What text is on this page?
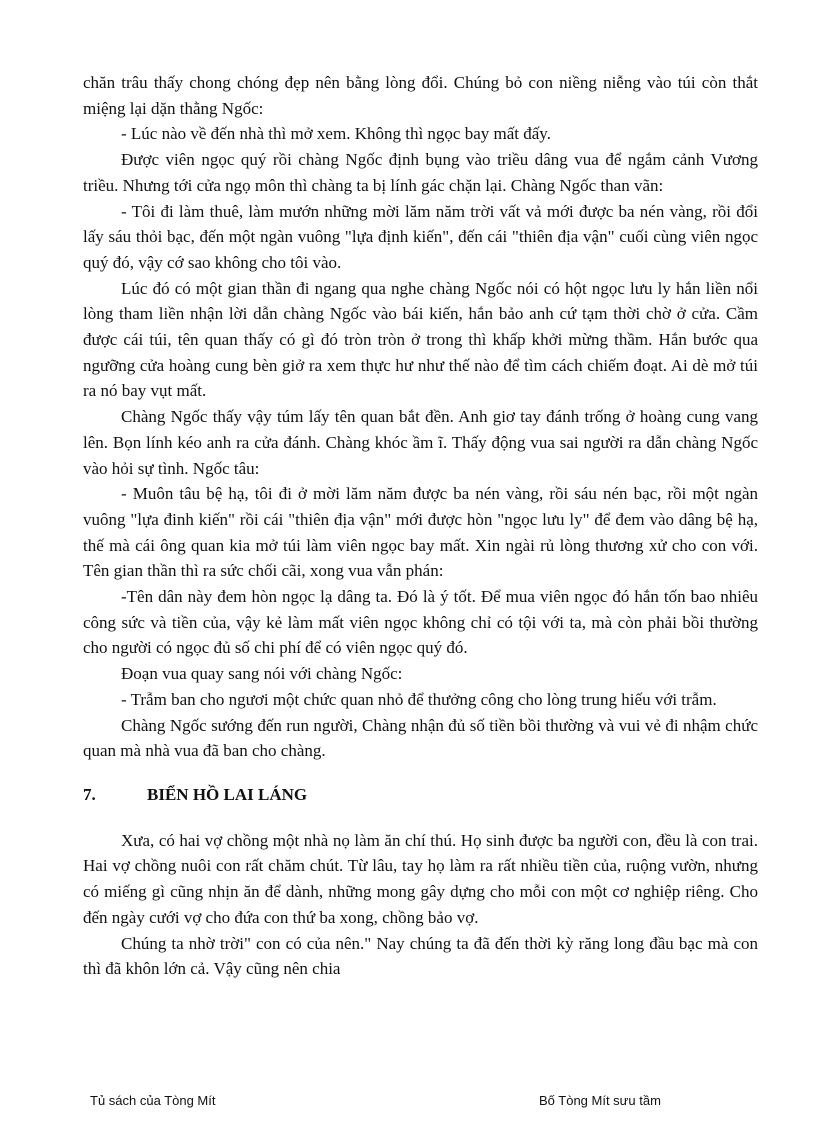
chăn trâu thấy chong chóng đẹp nên bằng lòng đổi. Chúng bỏ con niềng niễng vào túi còn thắt miệng lại dặn thằng Ngốc:

- Lúc nào về đến nhà thì mở xem. Không thì ngọc bay mất đấy.

Được viên ngọc quý rồi chàng Ngốc định bụng vào triều dâng vua để ngắm cảnh Vương triều. Nhưng tới cửa ngọ môn thì chàng ta bị lính gác chặn lại. Chàng Ngốc than vãn:

- Tôi đi làm thuê, làm mướn những mời lăm năm trời vất vả mới được ba nén vàng, rồi đổi lấy sáu thỏi bạc, đến một ngàn vuông "lựa định kiến", đến cái "thiên địa vận" cuối cùng viên ngọc quý đó, vậy cớ sao không cho tôi vào.

Lúc đó có một gian thần đi ngang qua nghe chàng Ngốc nói có hột ngọc lưu ly hắn liền nổi lòng tham liền nhận lời dẫn chàng Ngốc vào bái kiến, hắn bảo anh cứ tạm thời chờ ở cửa. Cầm được cái túi, tên quan thấy có gì đó tròn tròn ở trong thì khấp khởi mừng thầm. Hắn bước qua ngưỡng cửa hoàng cung bèn giở ra xem thực hư như thế nào để tìm cách chiếm đoạt. Ai dè mở túi ra nó bay vụt mất.

Chàng Ngốc thấy vậy túm lấy tên quan bắt đền. Anh giơ tay đánh trống ở hoàng cung vang lên. Bọn lính kéo anh ra cửa đánh. Chàng khóc ầm ĩ. Thấy động vua sai người ra dẫn chàng Ngốc vào hỏi sự tình. Ngốc tâu:

- Muôn tâu bệ hạ, tôi đi ở mời lăm năm được ba nén vàng, rồi sáu nén bạc, rồi một ngàn vuông "lựa đinh kiến" rồi cái "thiên địa vận" mới được hòn "ngọc lưu ly" để đem vào dâng bệ hạ, thế mà cái ông quan kia mở túi làm viên ngọc bay mất. Xin ngài rủ lòng thương xử cho con với. Tên gian thần thì ra sức chối cãi, xong vua vẫn phán:

-Tên dân này đem hòn ngọc lạ dâng ta. Đó là ý tốt. Để mua viên ngọc đó hắn tốn bao nhiêu công sức và tiền của, vậy kẻ làm mất viên ngọc không chỉ có tội với ta, mà còn phải bồi thường cho người có ngọc đủ số chi phí để có viên ngọc quý đó.

Đoạn vua quay sang nói với chàng Ngốc:

- Trẫm ban cho ngươi một chức quan nhỏ để thưởng công cho lòng trung hiếu với trẫm.

Chàng Ngốc sướng đến run người, Chàng nhận đủ số tiền bồi thường và vui vẻ đi nhậm chức quan mà nhà vua đã ban cho chàng.

7.	BIỂN HỒ LAI LÁNG

Xưa, có hai vợ chồng một nhà nọ làm ăn chí thú. Họ sinh được ba người con, đều là con trai. Hai vợ chồng nuôi con rất chăm chút. Từ lâu, tay họ làm ra rất nhiều tiền của, ruộng vườn, nhưng có miếng gì cũng nhịn ăn để dành, những mong gây dựng cho mỗi con một cơ nghiệp riêng. Cho đến ngày cưới vợ cho đứa con thứ ba xong, chồng bảo vợ.

Chúng ta nhờ trời" con có của nên." Nay chúng ta đã đến thời kỳ răng long đầu bạc mà con thì đã khôn lớn cả. Vậy cũng nên chia

Tủ sách của Tòng Mít	Bố Tòng Mít sưu tầm
